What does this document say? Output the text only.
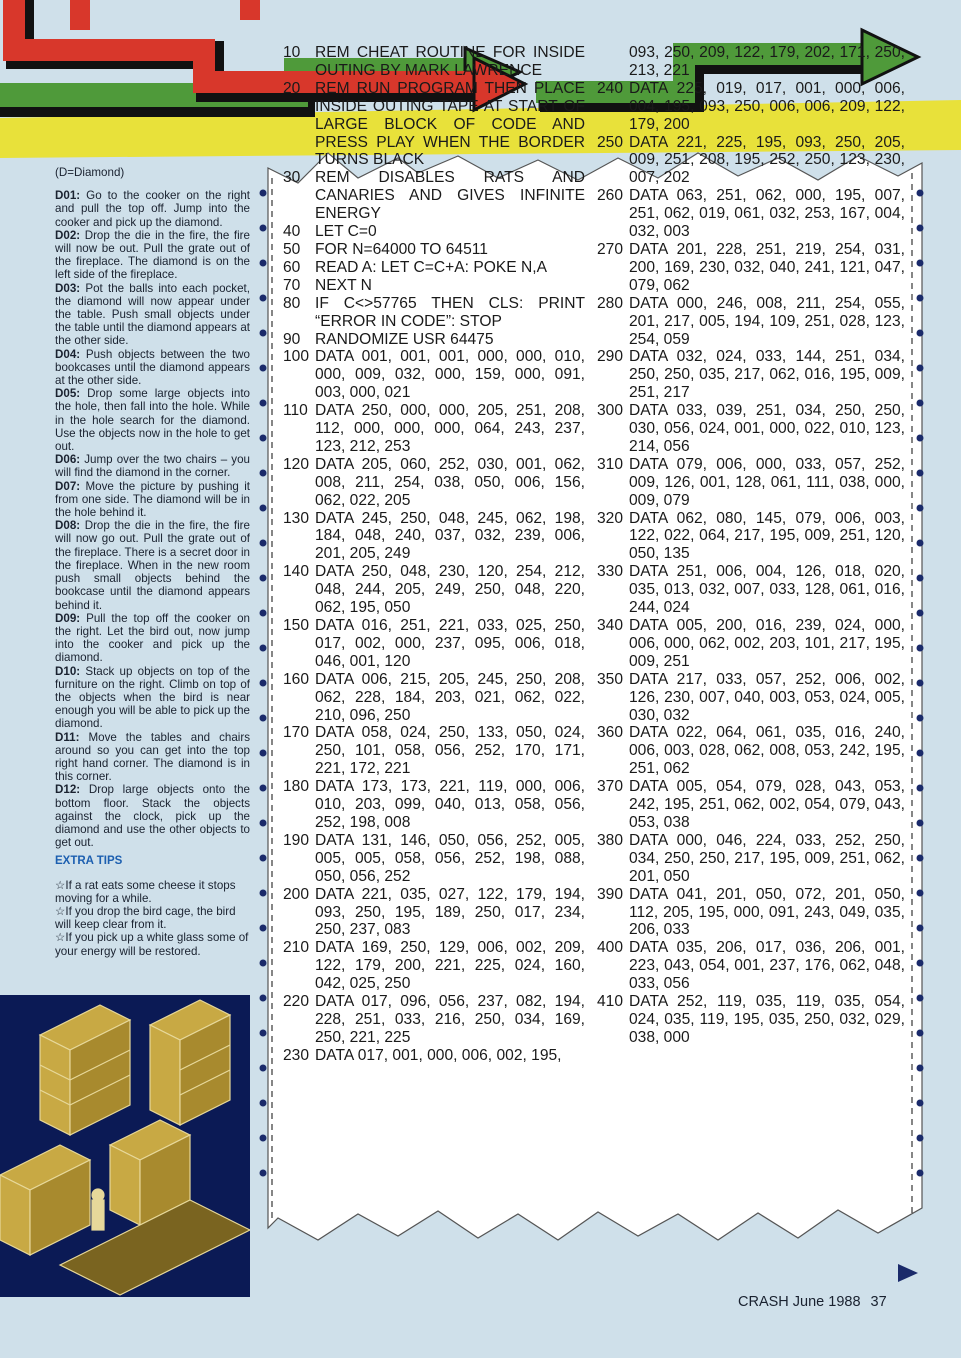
(D=Diamond)

D01: Go to the cooker on the right and pull the top off. Jump into the cooker and pick up the diamond.

D02: Drop the die in the fire, the fire will now be out. Pull the grate out of the fireplace. The diamond is on the left side of the fireplace.

D03: Pot the balls into each pocket, the diamond will now appear under the table. Push small objects under the table until the diamond appears at the other side.

D04: Push objects between the two bookcases until the diamond appears at the other side.

D05: Drop some large objects into the hole, then fall into the hole. While in the hole search for the diamond. Use the objects now in the hole to get out.

D06: Jump over the two chairs – you will find the diamond in the corner.

D07: Move the picture by pushing it from one side. The diamond will be in the hole behind it.

D08: Drop the die in the fire, the fire will now go out. Pull the grate out of the fireplace. There is a secret door in the fireplace. When in the new room push small objects behind the bookcase until the diamond appears behind it.

D09: Pull the top off the cooker on the right. Let the bird out, now jump into the cooker and pick up the diamond.

D10: Stack up objects on top of the furniture on the right. Climb on top of the objects when the bird is near enough you will be able to pick up the diamond.

D11: Move the tables and chairs around so you can get into the top right hand corner. The diamond is in this corner.

D12: Drop large objects onto the bottom floor. Stack the objects against the clock, pick up the diamond and use the other objects to get out.

EXTRA TIPS

☆If a rat eats some cheese it stops moving for a while.

☆If you drop the bird cage, the bird will keep clear from it.

☆If you pick up a white glass some of your energy will be restored.

10 REM CHEAT ROUTINE FOR INSIDE OUTING BY MARK LAWRENCE
20 REM RUN PROGRAM THEN PLACE INSIDE OUTING TAPE AT START OF LARGE BLOCK OF CODE AND PRESS PLAY WHEN THE BORDER TURNS BLACK
30 REM DISABLES RATS AND CANARIES AND GIVES INFINITE ENERGY
40 LET C=0
50 FOR N=64000 TO 64511
60 READ A: LET C=C+A: POKE N,A
70 NEXT N
80 IF C<>57765 THEN CLS: PRINT “ERROR IN CODE”: STOP
90 RANDOMIZE USR 64475
100 DATA 001, 001, 001, 000, 000, 010, 000, 009, 032, 000, 159, 000, 091, 003, 000, 021
110 DATA 250, 000, 000, 205, 251, 208, 112, 000, 000, 000, 064, 243, 237, 123, 212, 253
120 DATA 205, 060, 252, 030, 001, 062, 008, 211, 254, 038, 050, 006, 156, 062, 022, 205
130 DATA 245, 250, 048, 245, 062, 198, 184, 048, 240, 037, 032, 239, 006, 201, 205, 249
140 DATA 250, 048, 230, 120, 254, 212, 048, 244, 205, 249, 250, 048, 220, 062, 195, 050
150 DATA 016, 251, 221, 033, 025, 250, 017, 002, 000, 237, 095, 006, 018, 046, 001, 120
160 DATA 006, 215, 205, 245, 250, 208, 062, 228, 184, 203, 021, 062, 022, 210, 096, 250
170 DATA 058, 024, 250, 133, 050, 024, 250, 101, 058, 056, 252, 170, 171, 221, 172, 221
180 DATA 173, 173, 221, 119, 000, 006, 010, 203, 099, 040, 013, 058, 056, 252, 198, 008
190 DATA 131, 146, 050, 056, 252, 005, 005, 005, 058, 056, 252, 198, 088, 050, 056, 252
200 DATA 221, 035, 027, 122, 179, 194, 093, 250, 195, 189, 250, 017, 234, 250, 237, 083
210 DATA 169, 250, 129, 006, 002, 209, 122, 179, 200, 221, 225, 024, 160, 042, 025, 250
220 DATA 017, 096, 056, 237, 082, 194, 228, 251, 033, 216, 250, 034, 169, 250, 221, 225
230 DATA 017, 001, 000, 006, 002, 195,
093, 250, 209, 122, 179, 202, 171, 250, 213, 221
240 DATA 225, 019, 017, 001, 000, 006, 004, 195, 093, 250, 006, 006, 209, 122, 179, 200
250 DATA 221, 225, 195, 093, 250, 205, 009, 251, 208, 195, 252, 250, 123, 230, 007, 202
260 DATA 063, 251, 062, 000, 195, 007, 251, 062, 019, 061, 032, 253, 167, 004, 032, 003
270 DATA 201, 228, 251, 219, 254, 031, 200, 169, 230, 032, 040, 241, 121, 047, 079, 062
280 DATA 000, 246, 008, 211, 254, 055, 201, 217, 005, 194, 109, 251, 028, 123, 254, 059
290 DATA 032, 024, 033, 144, 251, 034, 250, 250, 035, 217, 062, 016, 195, 009, 251, 217
300 DATA 033, 039, 251, 034, 250, 250, 030, 056, 024, 001, 000, 022, 010, 123, 214, 056
310 DATA 079, 006, 000, 033, 057, 252, 009, 126, 001, 128, 061, 111, 038, 000, 009, 079
320 DATA 062, 080, 145, 079, 006, 003, 122, 022, 064, 217, 195, 009, 251, 120, 050, 135
330 DATA 251, 006, 004, 126, 018, 020, 035, 013, 032, 007, 033, 128, 061, 016, 244, 024
340 DATA 005, 200, 016, 239, 024, 000, 006, 000, 062, 002, 203, 101, 217, 195, 009, 251
350 DATA 217, 033, 057, 252, 006, 002, 126, 230, 007, 040, 003, 053, 024, 005, 030, 032
360 DATA 022, 064, 061, 035, 016, 240, 006, 003, 028, 062, 008, 053, 242, 195, 251, 062
370 DATA 005, 054, 079, 028, 043, 053, 242, 195, 251, 062, 002, 054, 079, 043, 053, 038
380 DATA 000, 046, 224, 033, 252, 250, 034, 250, 250, 217, 195, 009, 251, 062, 201, 050
390 DATA 041, 201, 050, 072, 201, 050, 112, 205, 195, 000, 091, 243, 049, 035, 206, 033
400 DATA 035, 206, 017, 036, 206, 001, 223, 043, 054, 001, 237, 176, 062, 048, 033, 056
410 DATA 252, 119, 035, 119, 035, 054, 024, 035, 119, 195, 035, 250, 032, 029, 038, 000
CRASH June 1988 37
